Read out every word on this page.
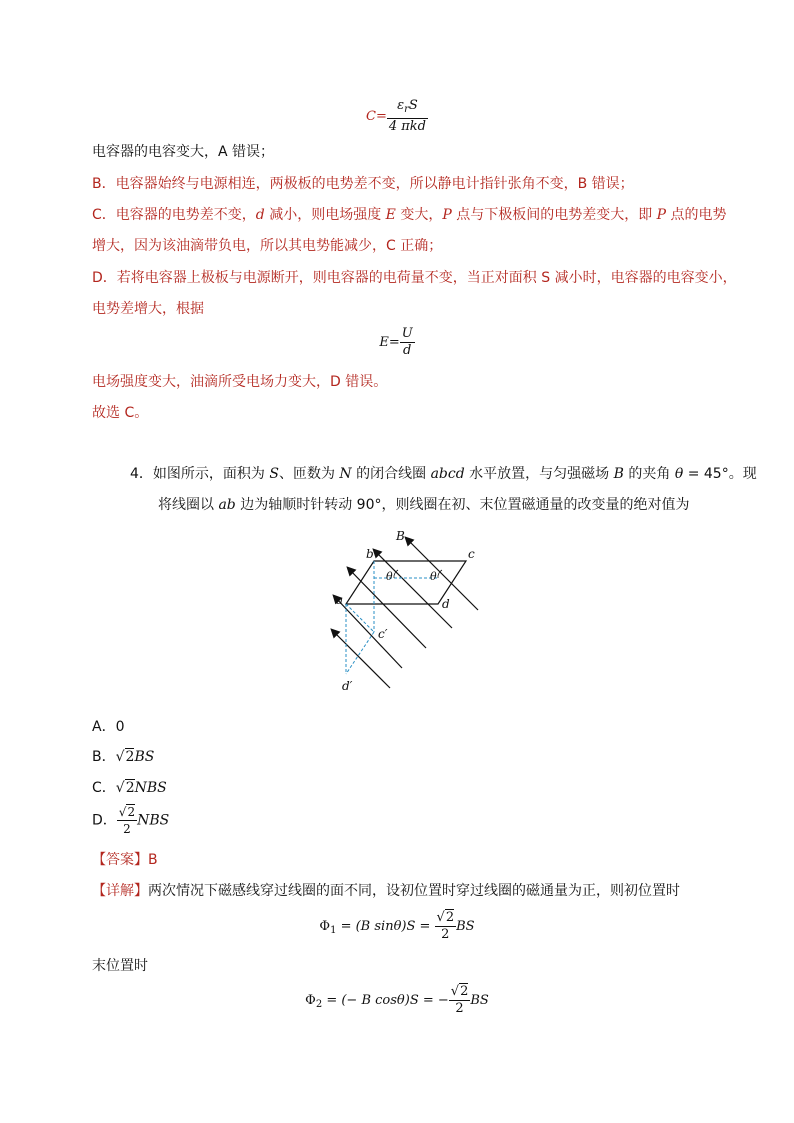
$C= \frac{\varepsilon_rS}{\text{4 πkd}}$
电容器的电容变大，A 错误；
B．电容器始终与电源相连，两极板的电势差不变，所以静电计指针张角不变，B 错误；
C．电容器的电势差不变，d 减小，则电场强度 E 变大，P 点与下极板间的电势差变大，即 P 点的电势
增大，因为该油滴带负电，所以其电势能减少，C 正确；
D．若将电容器上极板与电源断开，则电容器的电荷量不变，当正对面积 S 减小时，电容器的电容变小，
电势差增大，根据
$E= \frac{U}{d}$
电场强度变大，油滴所受电场力变大，D 错误。
故选 C。
4．如图所示，面积为 S、匝数为 N 的闭合线圈 abcd 水平放置，与匀强磁场 B 的夹角 θ = 45°。现
将线圈以 ab 边为轴顺时针转动 90°，则线圈在初、末位置磁通量的改变量的绝对值为
B
b	c
a	d
c′
d′
θ	θ
A．0
B．√2BS
C．√2NBS
D． $\frac{√2}{2}$ NBS
【答案】B
【详解】两次情况下磁感线穿过线圈的面不同，设初位置时穿过线圈的磁通量为正，则初位置时
$\Phi_1 = (B$ $\sin\theta)S = \frac{√2}{2}$ BS
末位置时
$\Phi_2$ = (− B cosθ)S = − $\frac{√2}{2}$ BS
